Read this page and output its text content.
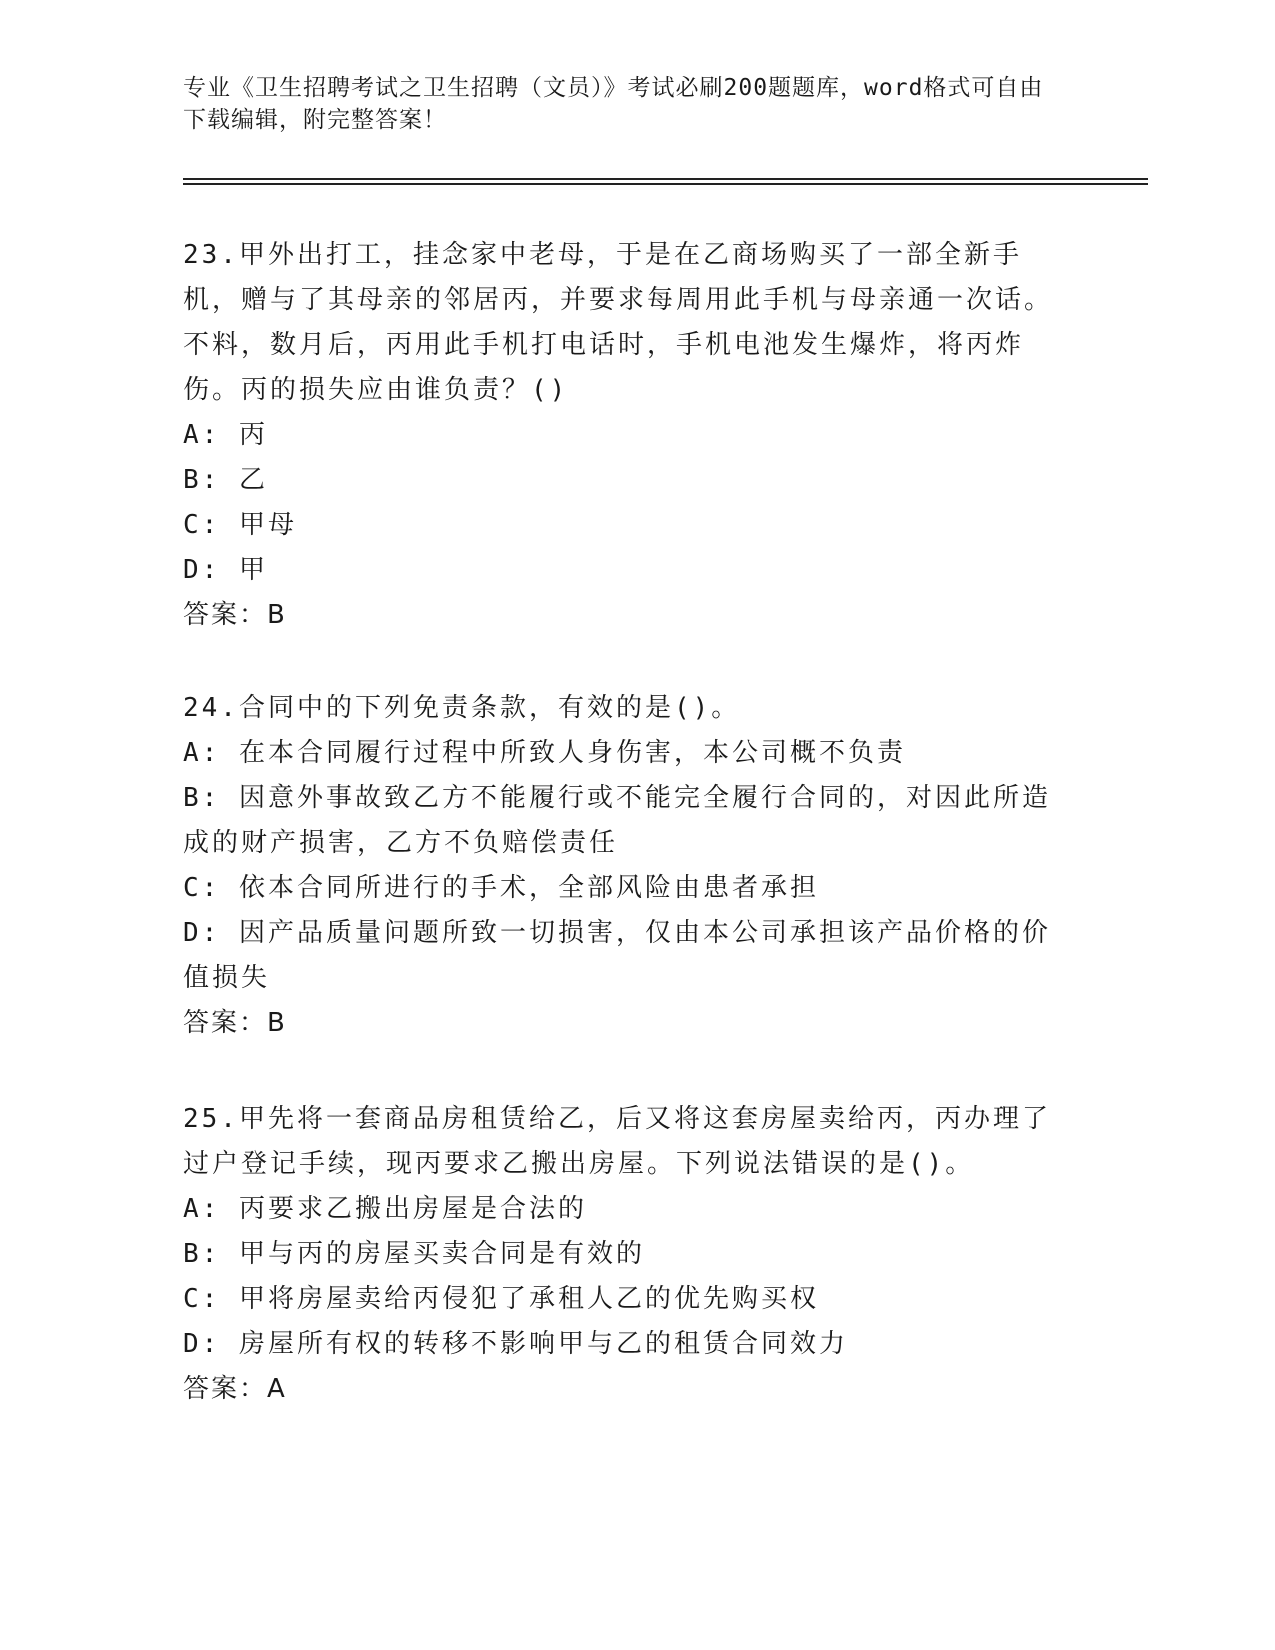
专业《卫生招聘考试之卫生招聘（文员）》考试必刷200题题库，word格式可自由下载编辑，附完整答案！

23.甲外出打工，挂念家中老母，于是在乙商场购买了一部全新手机，赠与了其母亲的邻居丙，并要求每周用此手机与母亲通一次话。不料，数月后，丙用此手机打电话时，手机电池发生爆炸，将丙炸伤。丙的损失应由谁负责？()

A: 丙

B: 乙

C: 甲母

D: 甲

答案：B

24.合同中的下列免责条款，有效的是()。

A: 在本合同履行过程中所致人身伤害，本公司概不负责

B: 因意外事故致乙方不能履行或不能完全履行合同的，对因此所造成的财产损害，乙方不负赔偿责任

C: 依本合同所进行的手术，全部风险由患者承担

D: 因产品质量问题所致一切损害，仅由本公司承担该产品价格的价值损失

答案：B

25.甲先将一套商品房租赁给乙，后又将这套房屋卖给丙，丙办理了过户登记手续，现丙要求乙搬出房屋。下列说法错误的是()。

A: 丙要求乙搬出房屋是合法的

B: 甲与丙的房屋买卖合同是有效的

C: 甲将房屋卖给丙侵犯了承租人乙的优先购买权

D: 房屋所有权的转移不影响甲与乙的租赁合同效力

答案：A
